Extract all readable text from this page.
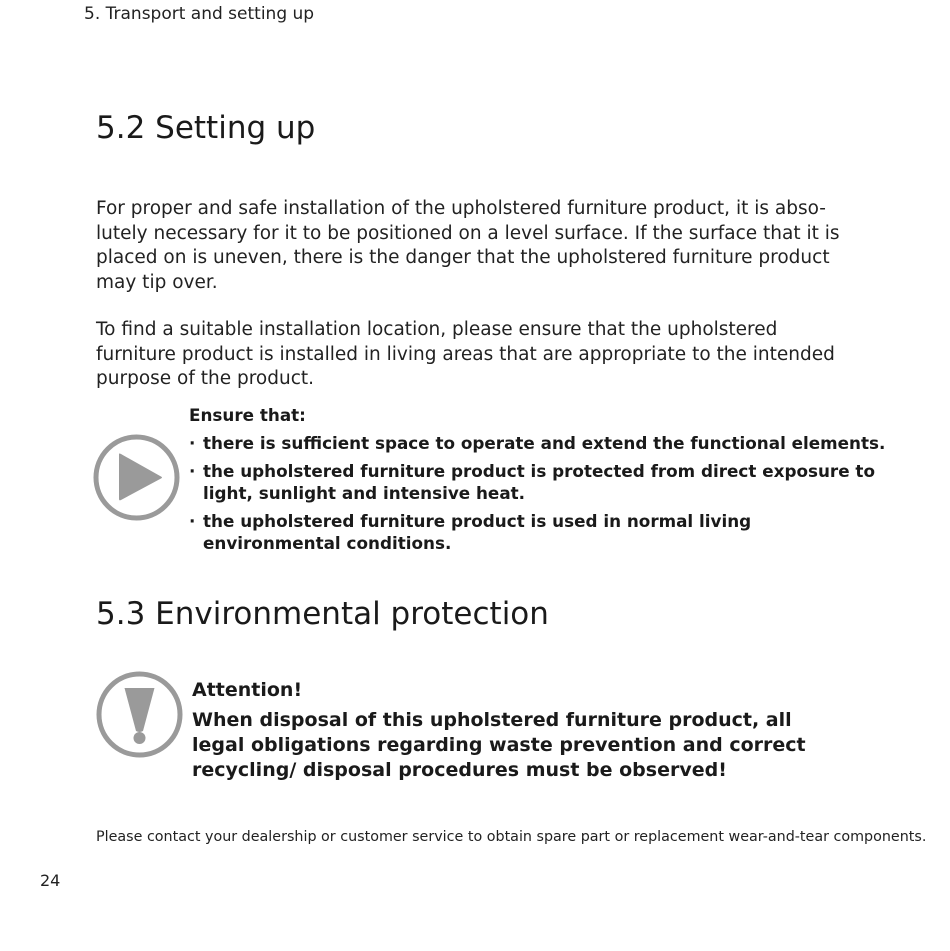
5. Transport and setting up
5.2 Setting up

For proper and safe installation of the upholstered furniture product, it is abso-lutely necessary for it to be positioned on a level surface. If the surface that it is placed on is uneven, there is the danger that the upholstered furniture product may tip over.

To find a suitable installation location, please ensure that the upholstered furniture product is installed in living areas that are appropriate to the intended purpose of the product.

Ensure that:

· there is sufficient space to operate and extend the functional elements.
· the upholstered furniture product is protected from direct exposure to light, sunlight and intensive heat.
· the upholstered furniture product is used in normal living environmental conditions.
5.3 Environmental protection

Attention!

When disposal of this upholstered furniture product, all legal obligations regarding waste prevention and correct recycling/ disposal procedures must be observed!

Please contact your dealership or customer service to obtain spare part or replacement wear-and-tear components.

24
